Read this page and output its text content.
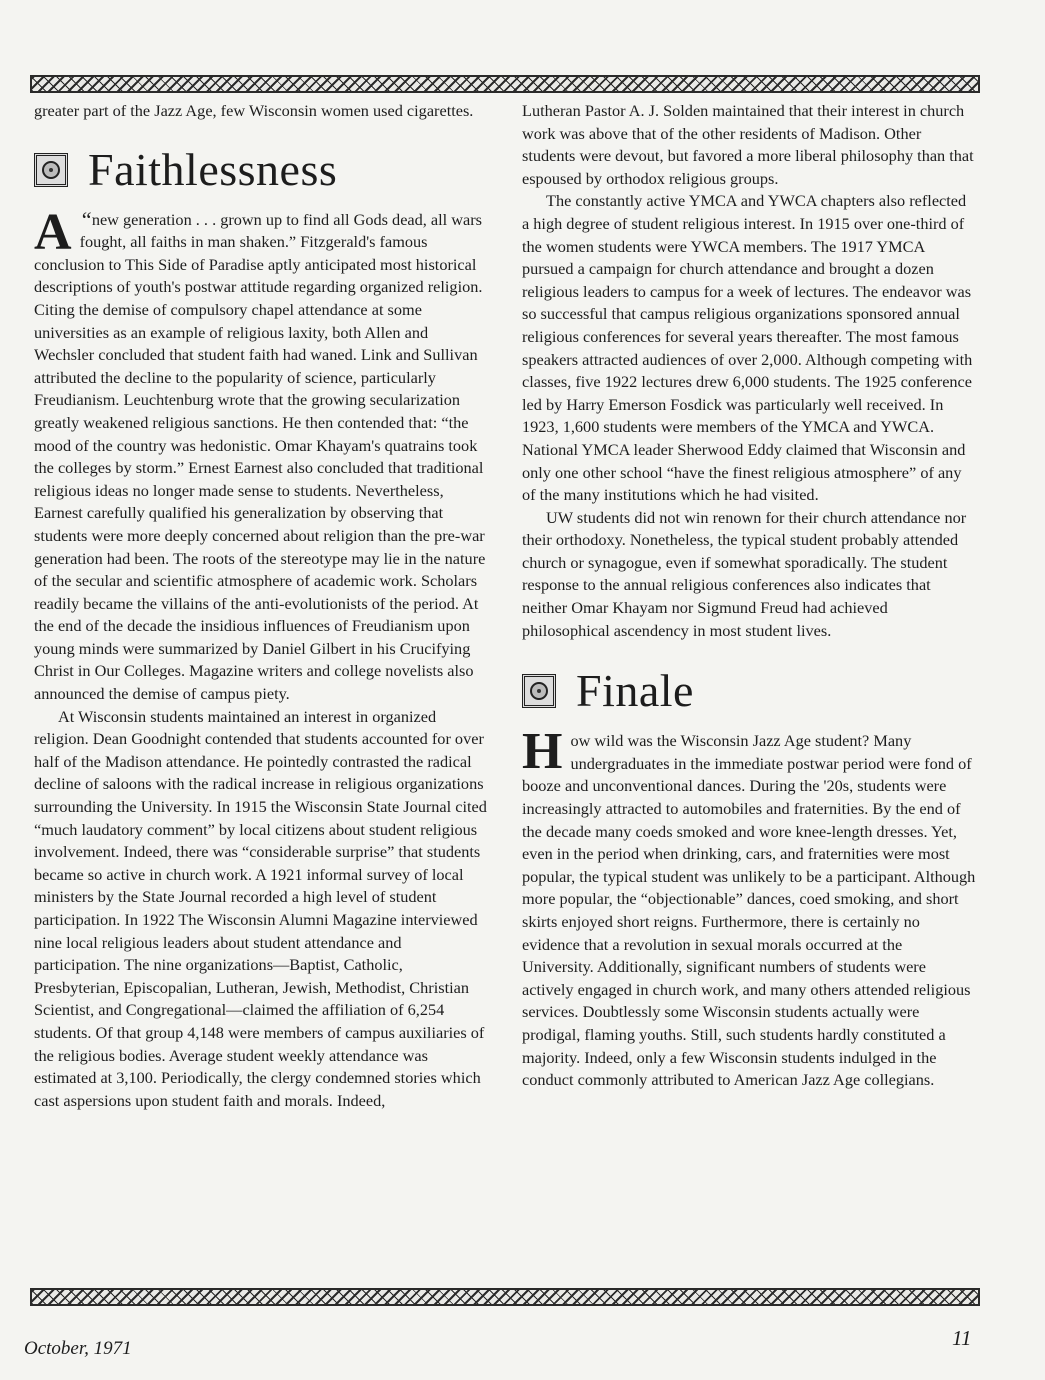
greater part of the Jazz Age, few Wisconsin women used cigarettes.

Faithlessness

“
A new generation . . . grown up to find all Gods dead, all wars fought, all faiths in man shaken.” Fitzgerald's famous conclusion to This Side of Paradise aptly anticipated most historical descriptions of youth's postwar attitude regarding organized religion. Citing the demise of compulsory chapel attendance at some universities as an example of religious laxity, both Allen and Wechsler concluded that student faith had waned. Link and Sullivan attributed the decline to the popularity of science, particularly Freudianism. Leuchtenburg wrote that the growing secularization greatly weakened religious sanctions. He then contended that: “the mood of the country was hedonistic. Omar Khayam's quatrains took the colleges by storm.” Ernest Earnest also concluded that traditional religious ideas no longer made sense to students. Nevertheless, Earnest carefully qualified his generalization by observing that students were more deeply concerned about religion than the pre-war generation had been. The roots of the stereotype may lie in the nature of the secular and scientific atmosphere of academic work. Scholars readily became the villains of the anti-evolutionists of the period. At the end of the decade the insidious influences of Freudianism upon young minds were summarized by Daniel Gilbert in his Crucifying Christ in Our Colleges. Magazine writers and college novelists also announced the demise of campus piety.

At Wisconsin students maintained an interest in organized religion. Dean Goodnight contended that students accounted for over half of the Madison attendance. He pointedly contrasted the radical decline of saloons with the radical increase in religious organizations surrounding the University. In 1915 the Wisconsin State Journal cited “much laudatory comment” by local citizens about student religious involvement. Indeed, there was “considerable surprise” that students became so active in church work. A 1921 informal survey of local ministers by the State Journal recorded a high level of student participation. In 1922 The Wisconsin Alumni Magazine interviewed nine local religious leaders about student attendance and participation. The nine organizations—Baptist, Catholic, Presbyterian, Episcopalian, Lutheran, Jewish, Methodist, Christian Scientist, and Congregational—claimed the affiliation of 6,254 students. Of that group 4,148 were members of campus auxiliaries of the religious bodies. Average student weekly attendance was estimated at 3,100. Periodically, the clergy condemned stories which cast aspersions upon student faith and morals. Indeed,

Lutheran Pastor A. J. Solden maintained that their interest in church work was above that of the other residents of Madison. Other students were devout, but favored a more liberal philosophy than that espoused by orthodox religious groups.

The constantly active YMCA and YWCA chapters also reflected a high degree of student religious interest. In 1915 over one-third of the women students were YWCA members. The 1917 YMCA pursued a campaign for church attendance and brought a dozen religious leaders to campus for a week of lectures. The endeavor was so successful that campus religious organizations sponsored annual religious conferences for several years thereafter. The most famous speakers attracted audiences of over 2,000. Although competing with classes, five 1922 lectures drew 6,000 students. The 1925 conference led by Harry Emerson Fosdick was particularly well received. In 1923, 1,600 students were members of the YMCA and YWCA. National YMCA leader Sherwood Eddy claimed that Wisconsin and only one other school “have the finest religious atmosphere” of any of the many institutions which he had visited.

UW students did not win renown for their church attendance nor their orthodoxy. Nonetheless, the typical student probably attended church or synagogue, even if somewhat sporadically. The student response to the annual religious conferences also indicates that neither Omar Khayam nor Sigmund Freud had achieved philosophical ascendency in most student lives.

Finale

How wild was the Wisconsin Jazz Age student? Many undergraduates in the immediate postwar period were fond of booze and unconventional dances. During the '20s, students were increasingly attracted to automobiles and fraternities. By the end of the decade many coeds smoked and wore knee-length dresses. Yet, even in the period when drinking, cars, and fraternities were most popular, the typical student was unlikely to be a participant. Although more popular, the “objectionable” dances, coed smoking, and short skirts enjoyed short reigns. Furthermore, there is certainly no evidence that a revolution in sexual morals occurred at the University. Additionally, significant numbers of students were actively engaged in church work, and many others attended religious services. Doubtlessly some Wisconsin students actually were prodigal, flaming youths. Still, such students hardly constituted a majority. Indeed, only a few Wisconsin students indulged in the conduct commonly attributed to American Jazz Age collegians.

October, 1971	11
